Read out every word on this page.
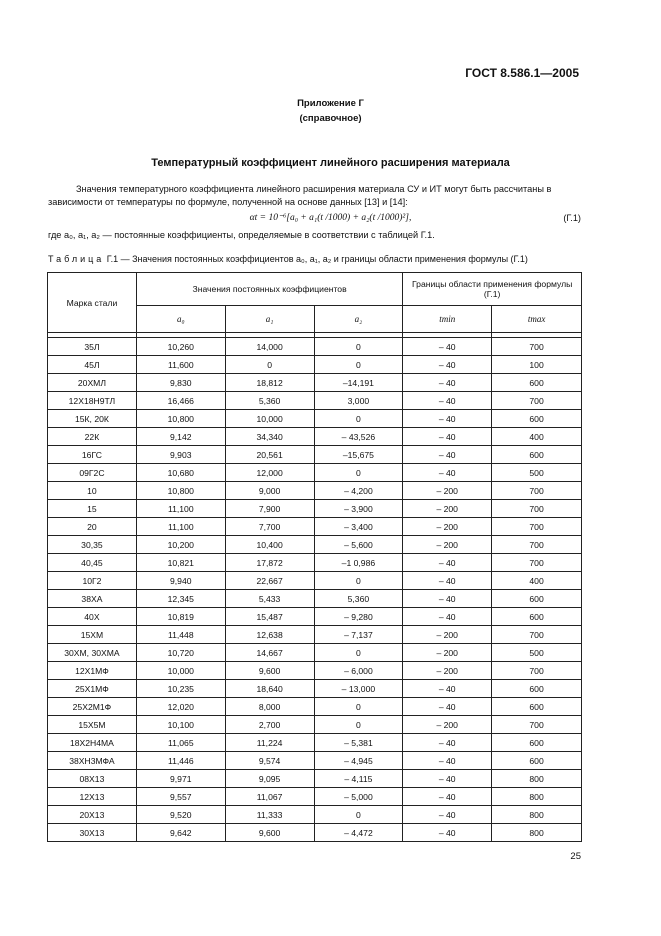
ГОСТ 8.586.1—2005
Приложение Г
(справочное)
Температурный коэффициент линейного расширения материала
Значения температурного коэффициента линейного расширения материала СУ и ИТ могут быть рассчитаны в зависимости от температуры по формуле, полученной на основе данных [13] и [14]:
αt = 10⁻⁶[a₀ + a₁(t /1000) + a₂(t /1000)²],	(Г.1)
где a₀, a₁, a₂ — постоянные коэффициенты, определяемые в соответствии с таблицей Г.1.
Таблица Г.1 — Значения постоянных коэффициентов a₀, a₁, a₂ и границы области применения формулы (Г.1)
Марка стали	Значения постоянных коэффициентов			Границы области применения формулы (Г.1)	
	a₀	a₁	a₂	tmin	tmax

35Л	10,260	14,000	0	– 40	700
45Л	11,600	0	0	– 40	100
20ХМЛ	9,830	18,812	–14,191	– 40	600
12Х18Н9ТЛ	16,466	5,360	3,000	– 40	700
15К, 20К	10,800	10,000	0	– 40	600
22К	9,142	34,340	– 43,526	– 40	400
16ГС	9,903	20,561	–15,675	– 40	600
09Г2С	10,680	12,000	0	– 40	500
10	10,800	9,000	– 4,200	– 200	700
15	11,100	7,900	– 3,900	– 200	700
20	11,100	7,700	– 3,400	– 200	700
30,35	10,200	10,400	– 5,600	– 200	700
40,45	10,821	17,872	–1 0,986	– 40	700
10Г2	9,940	22,667	0	– 40	400
38ХА	12,345	5,433	5,360	– 40	600
40Х	10,819	15,487	– 9,280	– 40	600
15ХМ	11,448	12,638	– 7,137	– 200	700
30ХМ, 30ХМА	10,720	14,667	0	– 200	500
12Х1МФ	10,000	9,600	– 6,000	– 200	700
25Х1МФ	10,235	18,640	– 13,000	– 40	600
25Х2М1Ф	12,020	8,000	0	– 40	600
15Х5М	10,100	2,700	0	– 200	700
18Х2Н4МА	11,065	11,224	– 5,381	– 40	600
38ХН3МФА	11,446	9,574	– 4,945	– 40	600
08Х13	9,971	9,095	– 4,115	– 40	800
12Х13	9,557	11,067	– 5,000	– 40	800
20Х13	9,520	11,333	0	– 40	800
30Х13	9,642	9,600	– 4,472	– 40	800
25
